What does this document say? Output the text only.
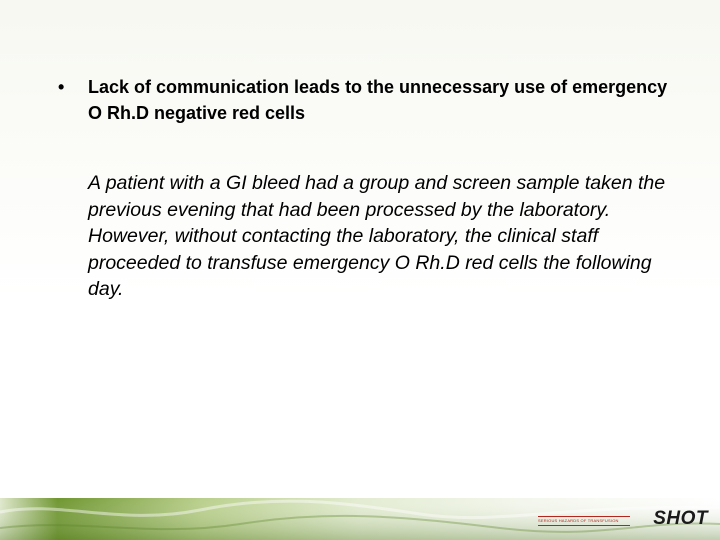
• Lack of communication leads to the unnecessary use of emergency O Rh.D negative red cells
A patient with a GI bleed had a group and screen sample taken the previous evening that had been processed by the laboratory. However, without contacting the laboratory, the clinical staff proceeded to transfuse emergency O Rh.D red cells the following day.
SERIOUS HAZARDS OF TRANSFUSION	SHOT
